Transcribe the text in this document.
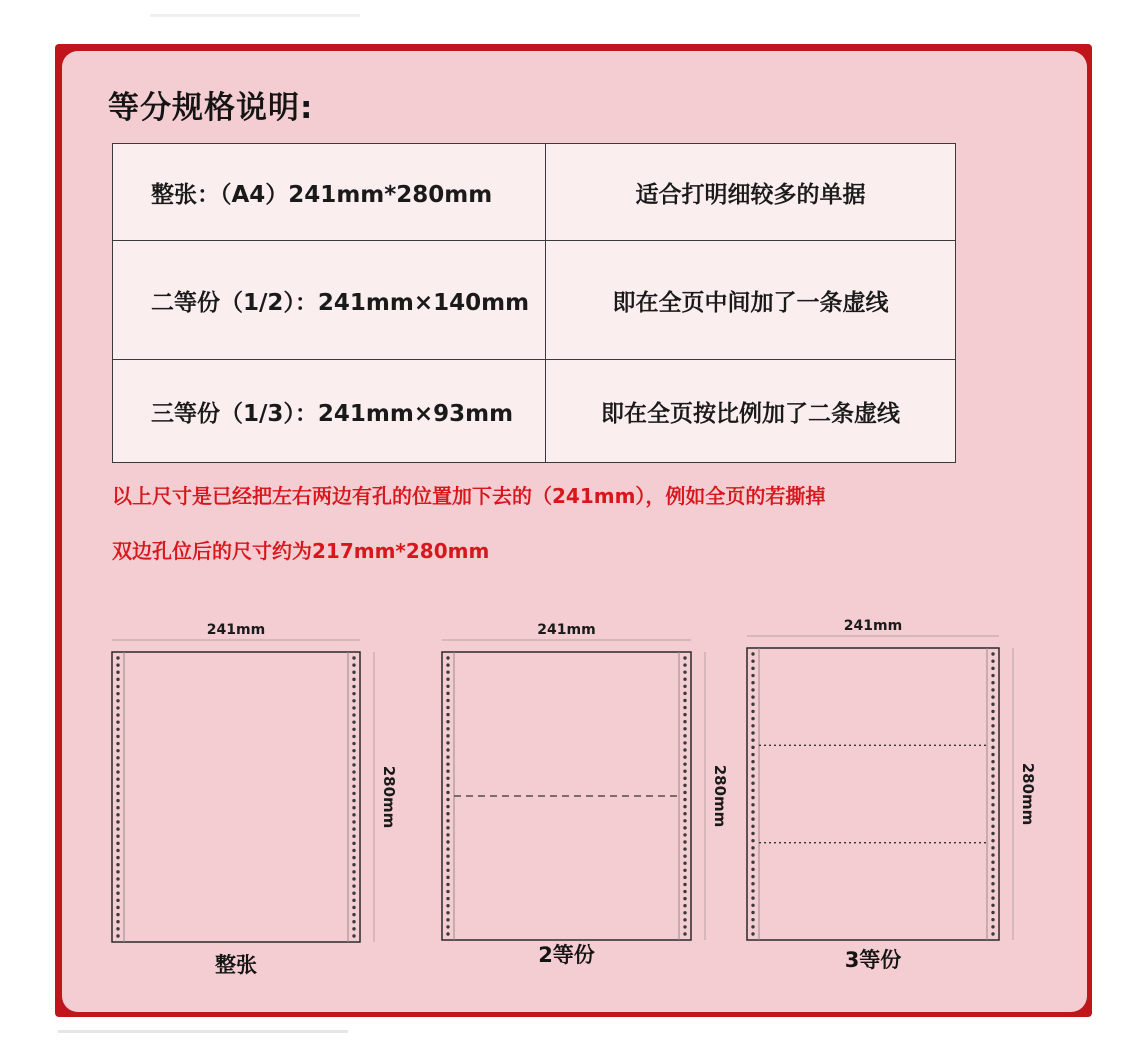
等分规格说明:
整张：（A4）241mm*280mm	适合打明细较多的单据
二等份（1/2）：241mm×140mm	即在全页中间加了一条虚线
三等份（1/3）：241mm×93mm	即在全页按比例加了二条虚线

以上尺寸是已经把左右两边有孔的位置加下去的（241mm），例如全页的若撕掉

双边孔位后的尺寸约为217mm*280mm

241mm
280mm
整张
241mm
280mm
2等份
241mm
280mm
3等份
